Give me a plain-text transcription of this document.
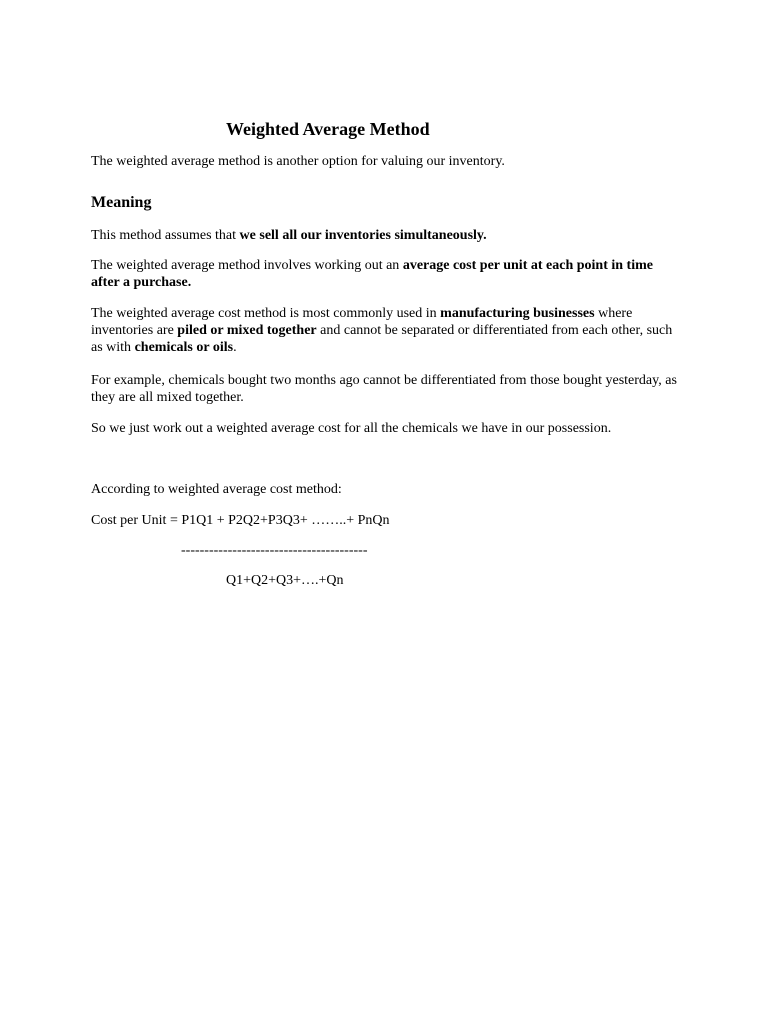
Weighted Average Method

The weighted average method is another option for valuing our inventory.

Meaning

This method assumes that we sell all our inventories simultaneously.

The weighted average method involves working out an average cost per unit at each point in time after a purchase.

The weighted average cost method is most commonly used in manufacturing businesses where inventories are piled or mixed together and cannot be separated or differentiated from each other, such as with chemicals or oils.

For example, chemicals bought two months ago cannot be differentiated from those bought yesterday, as they are all mixed together.

So we just work out a weighted average cost for all the chemicals we have in our possession.

According to weighted average cost method:

Cost per Unit = P1Q1 + P2Q2+P3Q3+ ……..+ PnQn
----------------------------------------
Q1+Q2+Q3+….+Qn
